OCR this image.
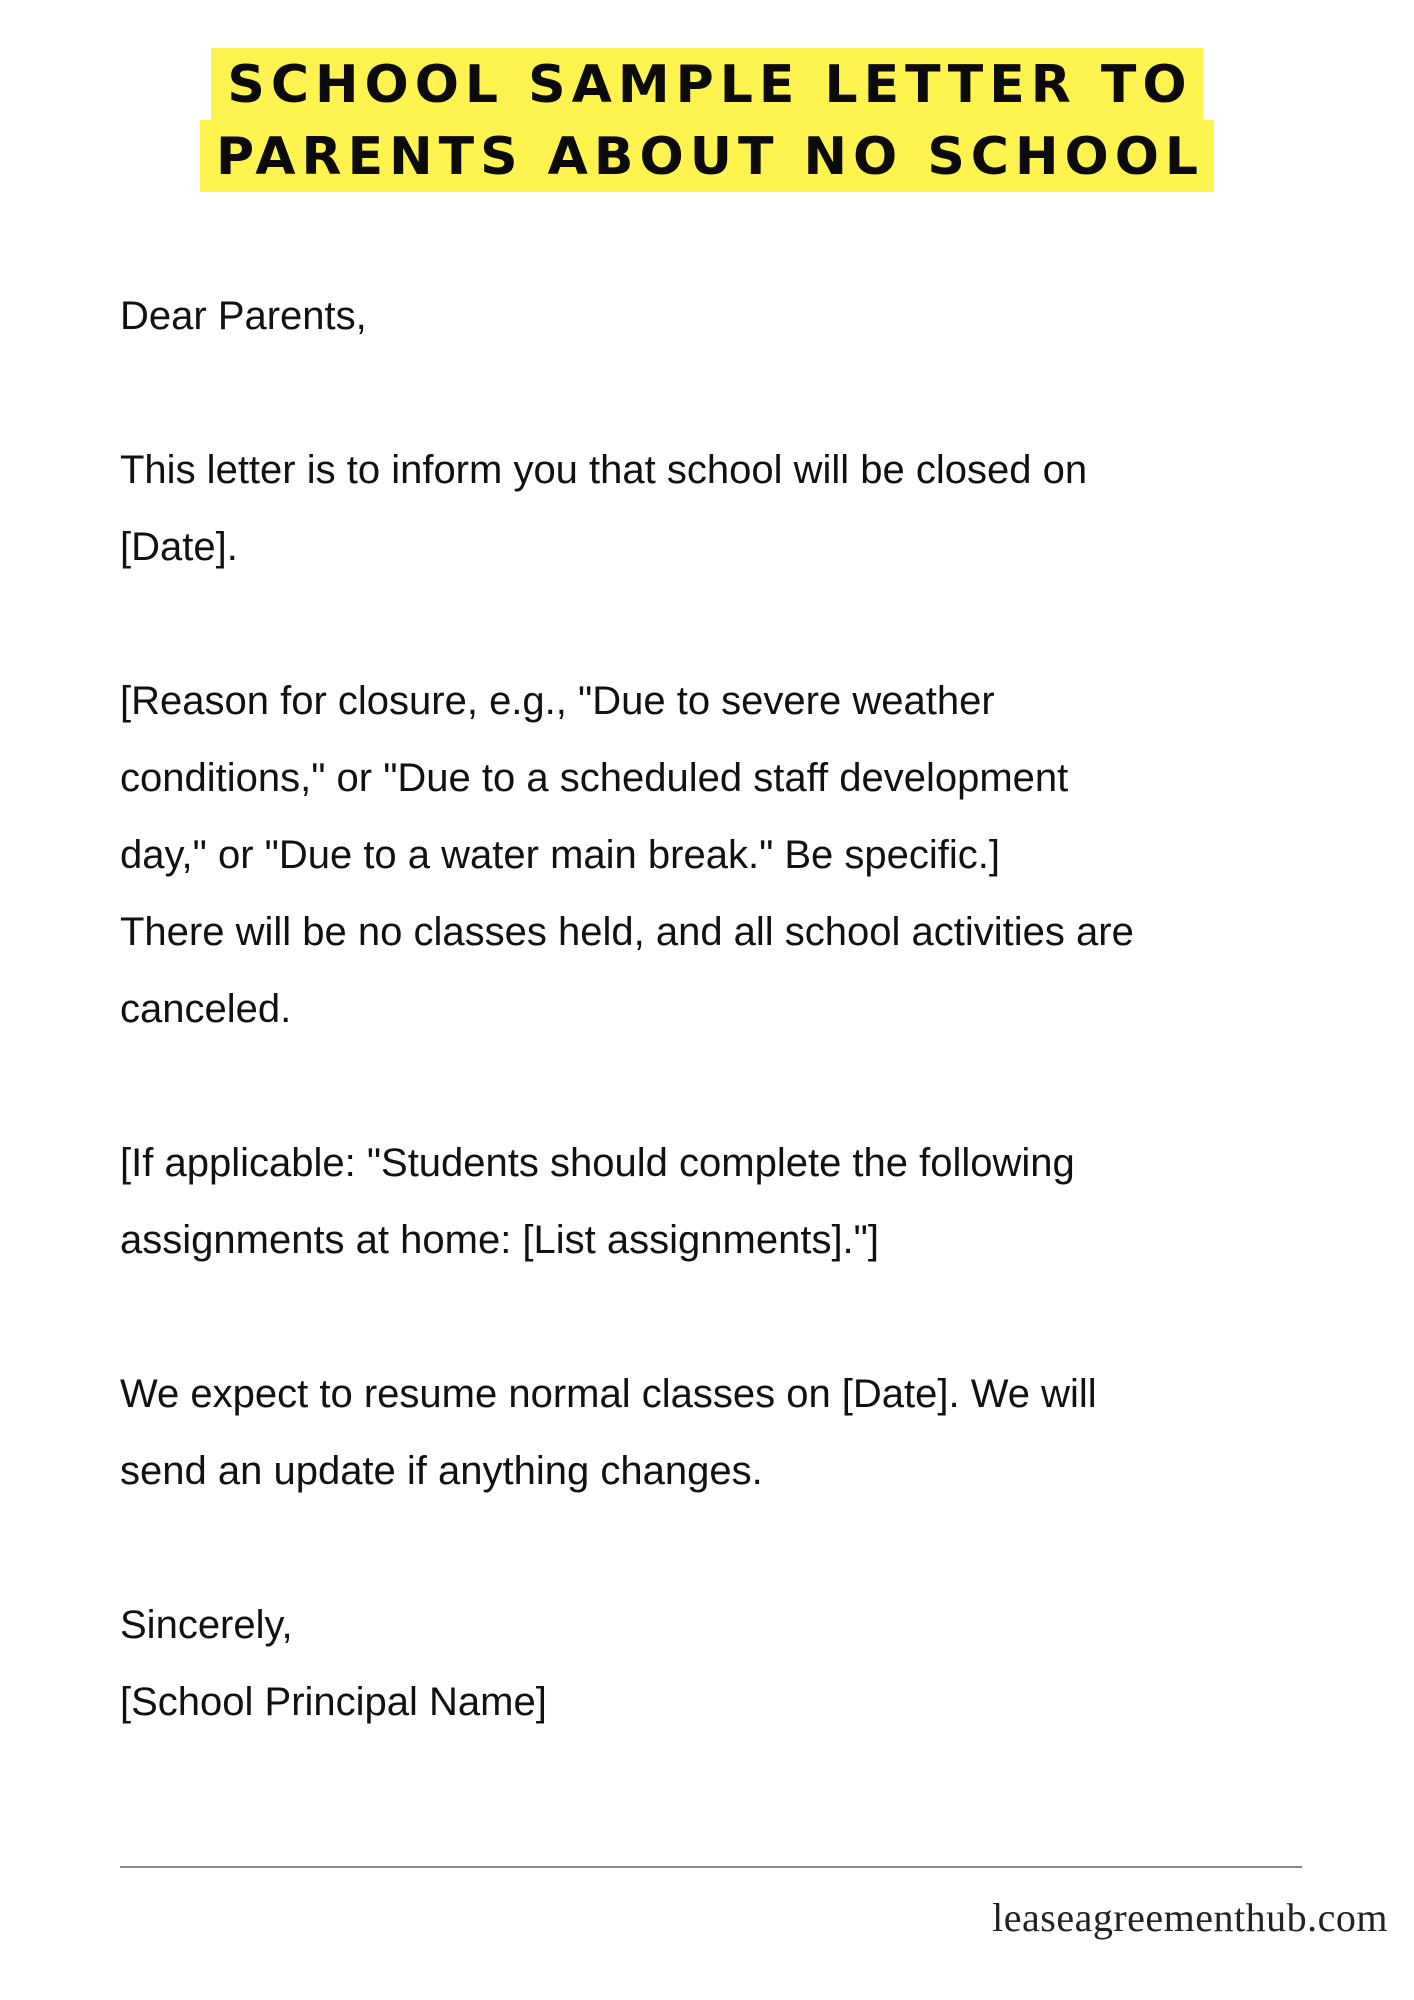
SCHOOL SAMPLE LETTER TO
PARENTS ABOUT NO SCHOOL

Dear Parents,

This letter is to inform you that school will be closed on

[Date].

[Reason for closure, e.g., "Due to severe weather

conditions," or "Due to a scheduled staff development

day," or "Due to a water main break." Be specific.]

There will be no classes held, and all school activities are

canceled.

[If applicable: "Students should complete the following

assignments at home: [List assignments]."]

We expect to resume normal classes on [Date]. We will

send an update if anything changes.

Sincerely,

[School Principal Name]

leaseagreementhub.com
